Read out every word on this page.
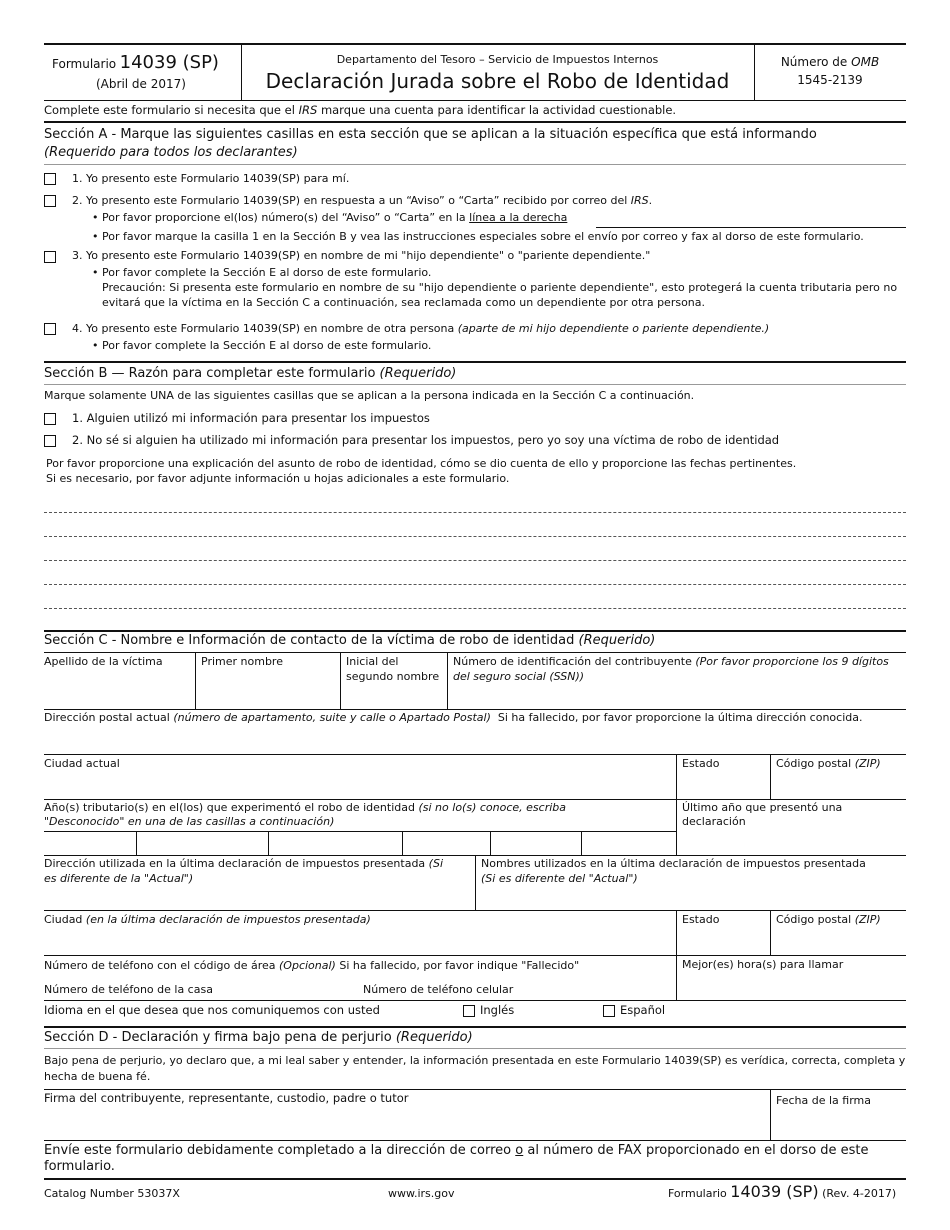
Formulario 14039 (SP)
(Abril de 2017)
Departamento del Tesoro – Servicio de Impuestos Internos
Declaración Jurada sobre el Robo de Identidad
Número de OMB
1545-2139
Complete este formulario si necesita que el IRS marque una cuenta para identificar la actividad cuestionable.
Sección A - Marque las siguientes casillas en esta sección que se aplican a la situación específica que está informando
(Requerido para todos los declarantes)
1. Yo presento este Formulario 14039(SP) para mí.
2. Yo presento este Formulario 14039(SP) en respuesta a un “Aviso” o “Carta” recibido por correo del IRS.
• Por favor proporcione el(los) número(s) del “Aviso” o “Carta” en la línea a la derecha
• Por favor marque la casilla 1 en la Sección B y vea las instrucciones especiales sobre el envío por correo y fax al dorso de este formulario.
3. Yo presento este Formulario 14039(SP) en nombre de mi "hijo dependiente" o "pariente dependiente."
• Por favor complete la Sección E al dorso de este formulario.
Precaución: Si presenta este formulario en nombre de su "hijo dependiente o pariente dependiente", esto protegerá la cuenta tributaria pero no
evitará que la víctima en la Sección C a continuación, sea reclamada como un dependiente por otra persona.
4. Yo presento este Formulario 14039(SP) en nombre de otra persona (aparte de mi hijo dependiente o pariente dependiente.)
• Por favor complete la Sección E al dorso de este formulario.
Sección B — Razón para completar este formulario (Requerido)
Marque solamente UNA de las siguientes casillas que se aplican a la persona indicada en la Sección C a continuación.
1. Alguien utilizó mi información para presentar los impuestos
2. No sé si alguien ha utilizado mi información para presentar los impuestos, pero yo soy una víctima de robo de identidad
Por favor proporcione una explicación del asunto de robo de identidad, cómo se dio cuenta de ello y proporcione las fechas pertinentes.
Si es necesario, por favor adjunte información u hojas adicionales a este formulario.
Sección C - Nombre e Información de contacto de la víctima de robo de identidad (Requerido)
Apellido de la víctima	Primer nombre	Inicial del
segundo nombre
Número de identificación del contribuyente (Por favor proporcione los 9 dígitos
del seguro social (SSN))
Dirección postal actual (número de apartamento, suite y calle o Apartado Postal) Si ha fallecido, por favor proporcione la última dirección conocida.
Ciudad actual	Estado	Código postal (ZIP)
Año(s) tributario(s) en el(los) que experimentó el robo de identidad (si no lo(s) conoce, escriba
"Desconocido" en una de las casillas a continuación)
Último año que presentó una
declaración
Dirección utilizada en la última declaración de impuestos presentada (Si
es diferente de la "Actual")
Nombres utilizados en la última declaración de impuestos presentada
(Si es diferente del "Actual")
Ciudad (en la última declaración de impuestos presentada)	Estado	Código postal (ZIP)
Número de teléfono con el código de área (Opcional) Si ha fallecido, por favor indique "Fallecido"
Número de teléfono de la casa	Número de teléfono celular
Mejor(es) hora(s) para llamar
Idioma en el que desea que nos comuniquemos con usted	Inglés	Español
Sección D - Declaración y firma bajo pena de perjurio (Requerido)
Bajo pena de perjurio, yo declaro que, a mi leal saber y entender, la información presentada en este Formulario 14039(SP) es verídica, correcta, completa y
hecha de buena fé.
Firma del contribuyente, representante, custodio, padre o tutor	Fecha de la firma
Envíe este formulario debidamente completado a la dirección de correo o al número de FAX proporcionado en el dorso de este
formulario.
Catalog Number 53037X	www.irs.gov	Formulario 14039 (SP) (Rev. 4-2017)
